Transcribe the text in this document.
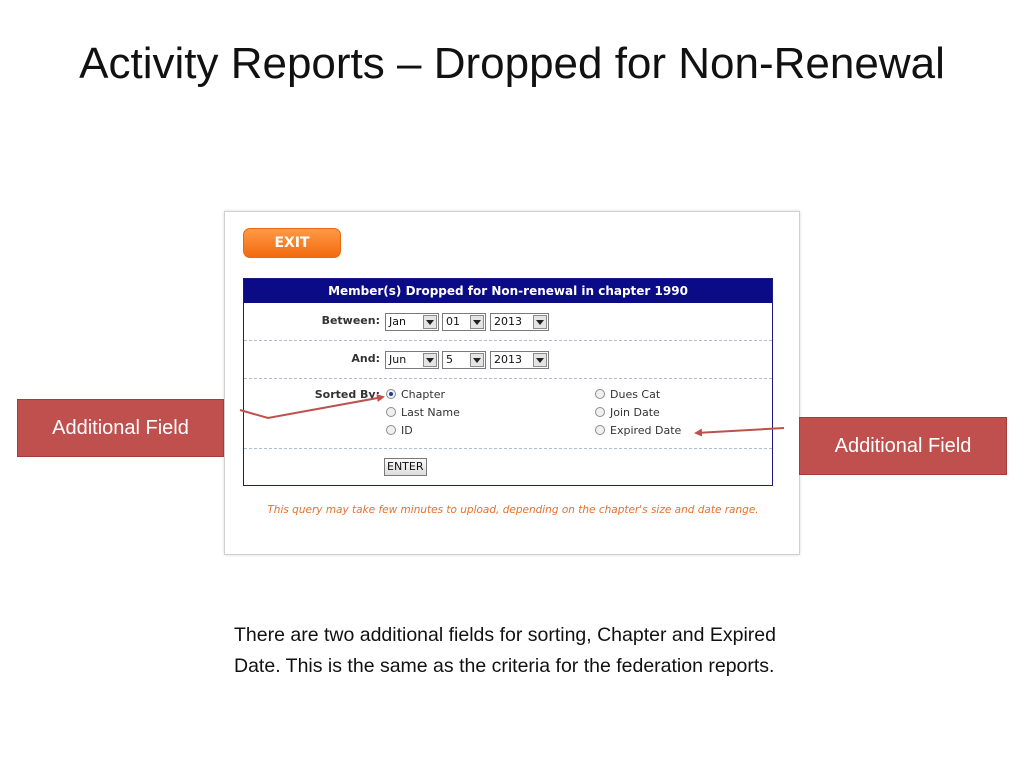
Activity Reports – Dropped for Non-Renewal
EXIT
Member(s) Dropped for Non-renewal in chapter 1990
Between: Jan	01	2013
And: Jun	5	2013
Sorted By:	Chapter
Last Name
ID
Dues Cat
Join Date
Expired Date
ENTER
This query may take few minutes to upload, depending on the chapter's size and date range.
Additional Field
Additional Field

There are two additional fields for sorting, Chapter and Expired Date. This is the same as the criteria for the federation reports.
